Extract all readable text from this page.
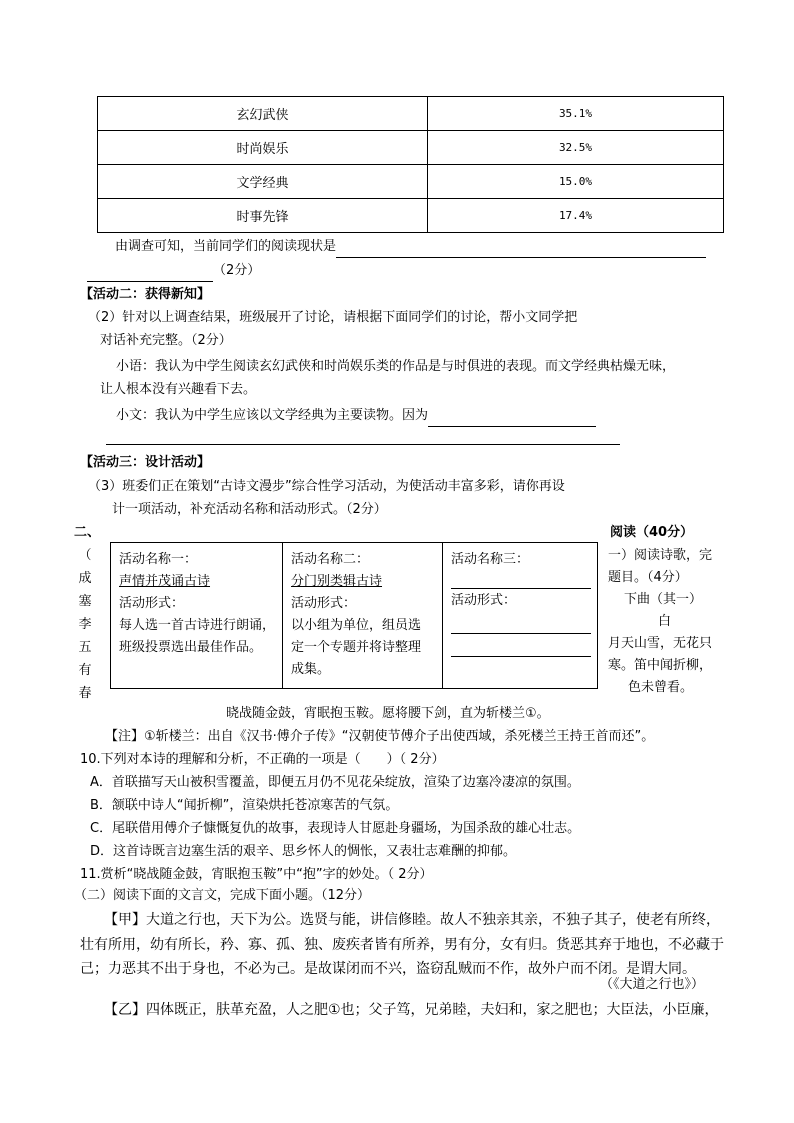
玄幻武侠	35.1%
时尚娱乐	32.5%
文学经典	15.0%
时事先锋	17.4%
由调查可知，当前同学们的阅读现状是
（2分）
【活动二：获得新知】
（2）针对以上调查结果，班级展开了讨论，请根据下面同学们的讨论，帮小文同学把
对话补充完整。（2分）
小语：我认为中学生阅读玄幻武侠和时尚娱乐类的作品是与时俱进的表现。而文学经典枯燥无味，
让人根本没有兴趣看下去。
小文：我认为中学生应该以文学经典为主要读物。因为
【活动三：设计活动】
（3）班委们正在策划“古诗文漫步”综合性学习活动，为使活动丰富多彩，请你再设
计一项活动，补充活动名称和活动形式。（2分）
二、
（
成
塞
李
五
有
春
活动名称一：
声情并茂诵古诗
活动形式：
每人选一首古诗进行朗诵，
班级投票选出最佳作品。
活动名称二：
分门别类辑古诗
活动形式：
以小组为单位，组员选
定一个专题并将诗整理
成集。
活动名称三：
活动形式：
阅读（40分）
一）阅读诗歌，完
题目。（4分）
下曲（其一）
白
月天山雪，无花只
寒。笛中闻折柳，
色未曾看。
晓战随金鼓，宵眠抱玉鞍。愿将腰下剑，直为斩楼兰①。
【注】①斩楼兰：出自《汉书·傅介子传》“汉朝使节傅介子出使西域，杀死楼兰王持王首而还”。
10.下列对本诗的理解和分析，不正确的一项是（　　）（ 2分）
A．首联描写天山被积雪覆盖，即便五月仍不见花朵绽放，渲染了边塞冷凄凉的氛围。
B．颔联中诗人“闻折柳”，渲染烘托苍凉寒苦的气氛。
C．尾联借用傅介子慷慨复仇的故事，表现诗人甘愿赴身疆场，为国杀敌的雄心壮志。
D．这首诗既言边塞生活的艰辛、思乡怀人的惆怅，又表壮志难酬的抑郁。
11.赏析“晓战随金鼓，宵眠抱玉鞍”中“抱”字的妙处。（ 2分）
（二）阅读下面的文言文，完成下面小题。（12分）
【甲】大道之行也，天下为公。选贤与能，讲信修睦。故人不独亲其亲，不独子其子，使老有所终，
壮有所用，幼有所长，矜、寡、孤、独、废疾者皆有所养，男有分，女有归。货恶其弃于地也，不必藏于
己；力恶其不出于身也，不必为己。是故谋闭而不兴，盗窃乱贼而不作，故外户而不闭。是谓大同。
（《大道之行也》）
【乙】四体既正，肤革充盈，人之肥①也；父子笃，兄弟睦，夫妇和，家之肥也；大臣法，小臣廉，
